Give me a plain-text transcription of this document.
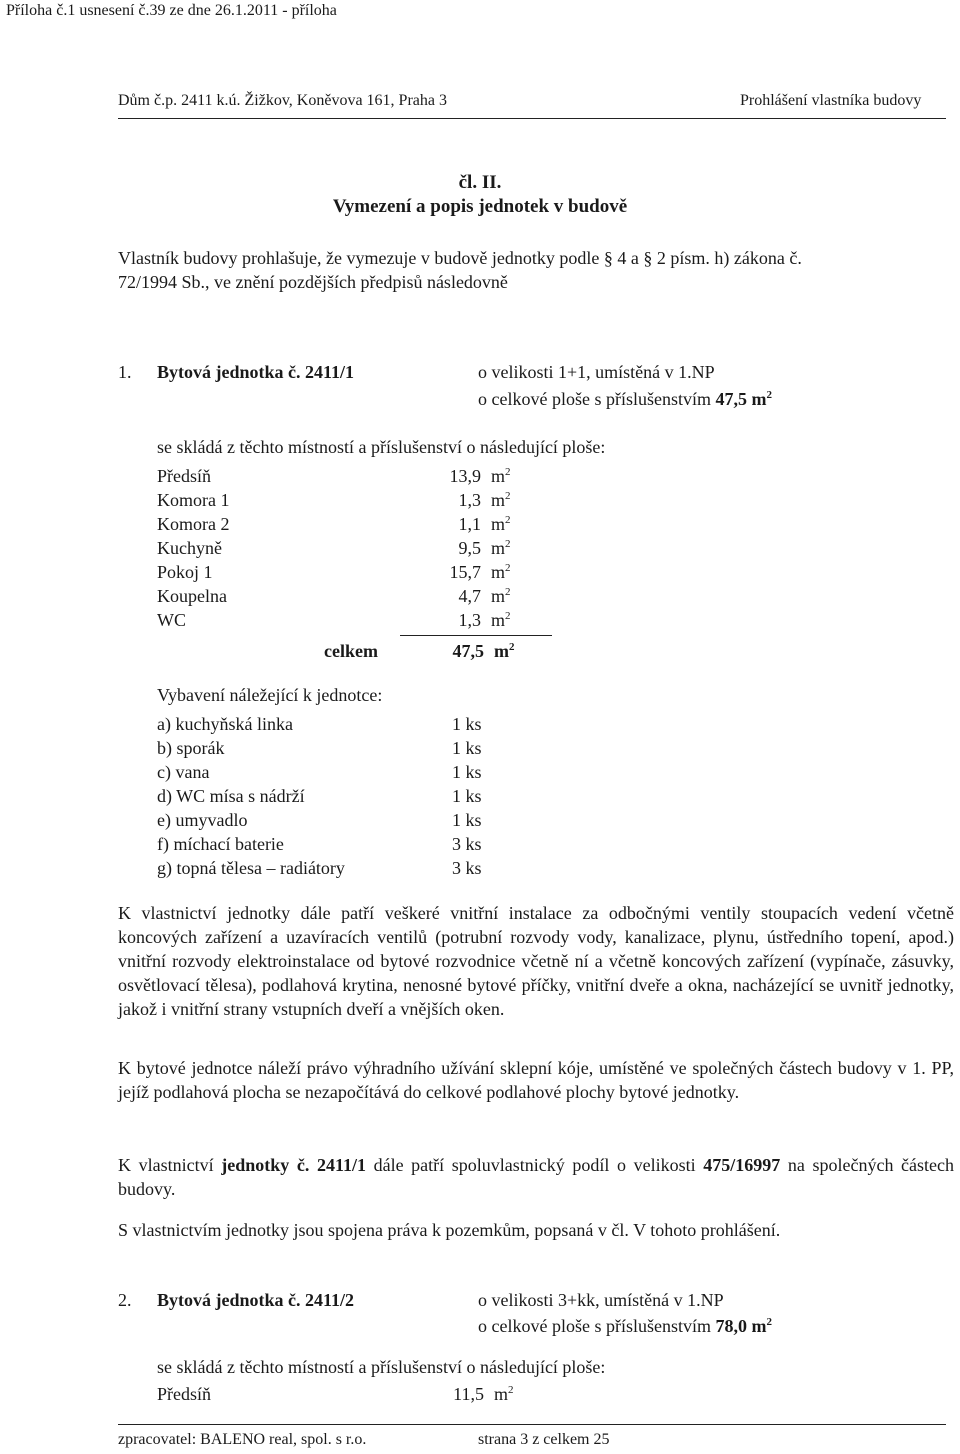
Příloha č.1 usnesení č.39 ze dne 26.1.2011 - příloha
Dům č.p. 2411 k.ú. Žižkov, Koněvova 161, Praha 3	Prohlášení vlastníka budovy
čl. II.
Vymezení a popis jednotek v budově
Vlastník budovy prohlašuje, že vymezuje v budově jednotky podle § 4 a § 2 písm. h) zákona č.
72/1994 Sb., ve znění pozdějších předpisů následovně
1. Bytová jednotka č. 2411/1	o velikosti 1+1, umístěná v 1.NP
o celkové ploše s příslušenstvím 47,5 $m^2$
se skládá z těchto místností a příslušenství o následující ploše:
Předsíň	13,9	$m^2$
Komora 1	1,3	$m^2$
Komora 2	1,1	$m^2$
Kuchyně	9,5	$m^2$
Pokoj 1	15,7	$m^2$
Koupelna	4,7	$m^2$
WC	1,3	$m^2$
celkem	47,5 $m^2$
Vybavení náležející k jednotce:
a) kuchyňská linka	1 ks
b) sporák	1 ks
c) vana	1 ks
d) WC mísa s nádrží	1 ks
e) umyvadlo	1 ks
f) míchací baterie	3 ks
g) topná tělesa – radiátory	3 ks
K vlastnictví jednotky dále patří veškeré vnitřní instalace za odbočnými ventily stoupacích vedení včetně koncových zařízení a uzavíracích ventilů (potrubní rozvody vody, kanalizace, plynu, ústředního topení, apod.) vnitřní rozvody elektroinstalace od bytové rozvodnice včetně ní a včetně koncových zařízení (vypínače, zásuvky, osvětlovací tělesa), podlahová krytina, nenosné bytové příčky, vnitřní dveře a okna, nacházející se uvnitř jednotky, jakož i vnitřní strany vstupních dveří a vnějších oken.
K bytové jednotce náleží právo výhradního užívání sklepní kóje, umístěné ve společných částech budovy v 1. PP, jejíž podlahová plocha se nezapočítává do celkové podlahové plochy bytové jednotky.
K vlastnictví jednotky č. 2411/1 dále patří spoluvlastnický podíl o velikosti 475/16997 na společných částech budovy.
S vlastnictvím jednotky jsou spojena práva k pozemkům, popsaná v čl. V tohoto prohlášení.
2. Bytová jednotka č. 2411/2	o velikosti 3+kk, umístěná v 1.NP
o celkové ploše s příslušenstvím 78,0 $m^2$
se skládá z těchto místností a příslušenství o následující ploše:
Předsíň	11,5 $m^2$
zpracovatel: BALENO real, spol. s r.o.	strana 3 z celkem 25
